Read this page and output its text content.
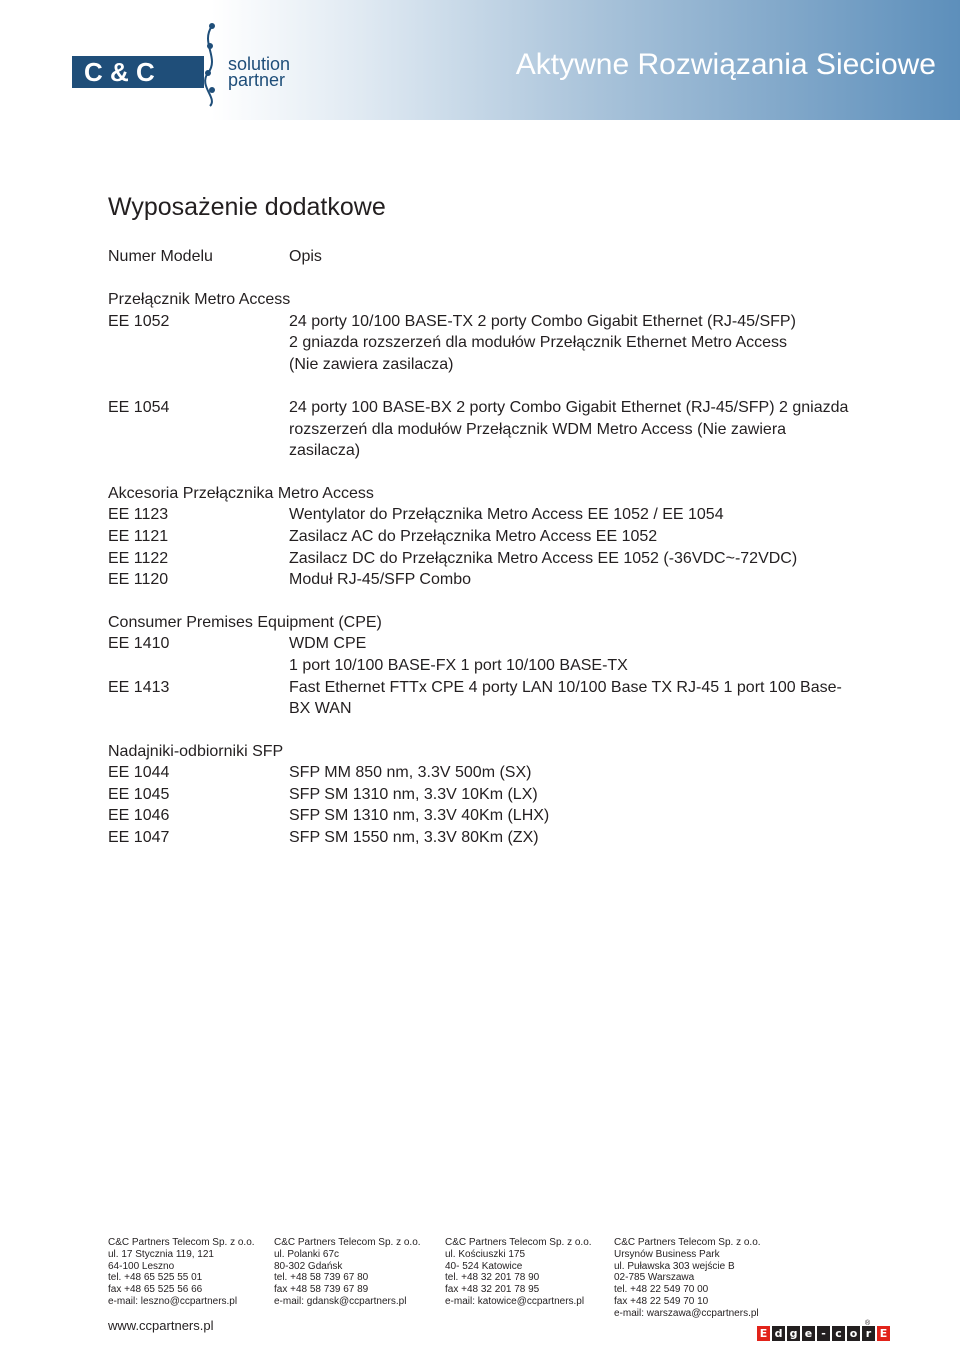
C & C	solution
partner	Aktywne Rozwiązania Sieciowe
Wyposażenie dodatkowe
Numer Modelu	Opis
Przełącznik Metro Access
EE 1052	24 porty 10/100 BASE-TX 2 porty Combo Gigabit Ethernet (RJ-45/SFP)
2 gniazda rozszerzeń dla modułów Przełącznik Ethernet Metro Access
(Nie zawiera zasilacza)
EE 1054	24 porty 100 BASE-BX 2 porty Combo Gigabit Ethernet (RJ-45/SFP) 2 gniazda
rozszerzeń dla modułów Przełącznik WDM Metro Access (Nie zawiera
zasilacza)
Akcesoria Przełącznika Metro Access
EE 1123	Wentylator do Przełącznika Metro Access EE 1052 / EE 1054
EE 1121	Zasilacz AC do Przełącznika Metro Access EE 1052
EE 1122	Zasilacz DC do Przełącznika Metro Access EE 1052 (-36VDC~-72VDC)
EE 1120	Moduł RJ-45/SFP Combo
Consumer Premises Equipment (CPE)
EE 1410	WDM CPE
1 port 10/100 BASE-FX 1 port 10/100 BASE-TX
EE 1413	Fast Ethernet FTTx CPE 4 porty LAN 10/100 Base TX RJ-45 1 port 100 Base-
BX WAN
Nadajniki-odbiorniki SFP
EE 1044	SFP MM 850 nm, 3.3V 500m (SX)
EE 1045	SFP SM 1310 nm, 3.3V 10Km (LX)
EE 1046	SFP SM 1310 nm, 3.3V 40Km (LHX)
EE 1047	SFP SM 1550 nm, 3.3V 80Km (ZX)
C&C Partners Telecom Sp. z o.o.
ul. 17 Stycznia 119, 121
64-100 Leszno
tel. +48 65 525 55 01
fax +48 65 525 56 66
e-mail: leszno@ccpartners.pl
C&C Partners Telecom Sp. z o.o.
ul. Polanki 67c
80-302 Gdańsk
tel. +48 58 739 67 80
fax +48 58 739 67 89
e-mail: gdansk@ccpartners.pl
C&C Partners Telecom Sp. z o.o.
ul. Kościuszki 175
40- 524 Katowice
tel. +48 32 201 78 90
fax +48 32 201 78 95
e-mail: katowice@ccpartners.pl
C&C Partners Telecom Sp. z o.o.
Ursynów Business Park
ul. Puławska 303 wejście B
02-785 Warszawa
tel. +48 22 549 70 00
fax +48 22 549 70 10
e-mail: warszawa@ccpartners.pl
www.ccpartners.pl
E d g e - c o r E
®
